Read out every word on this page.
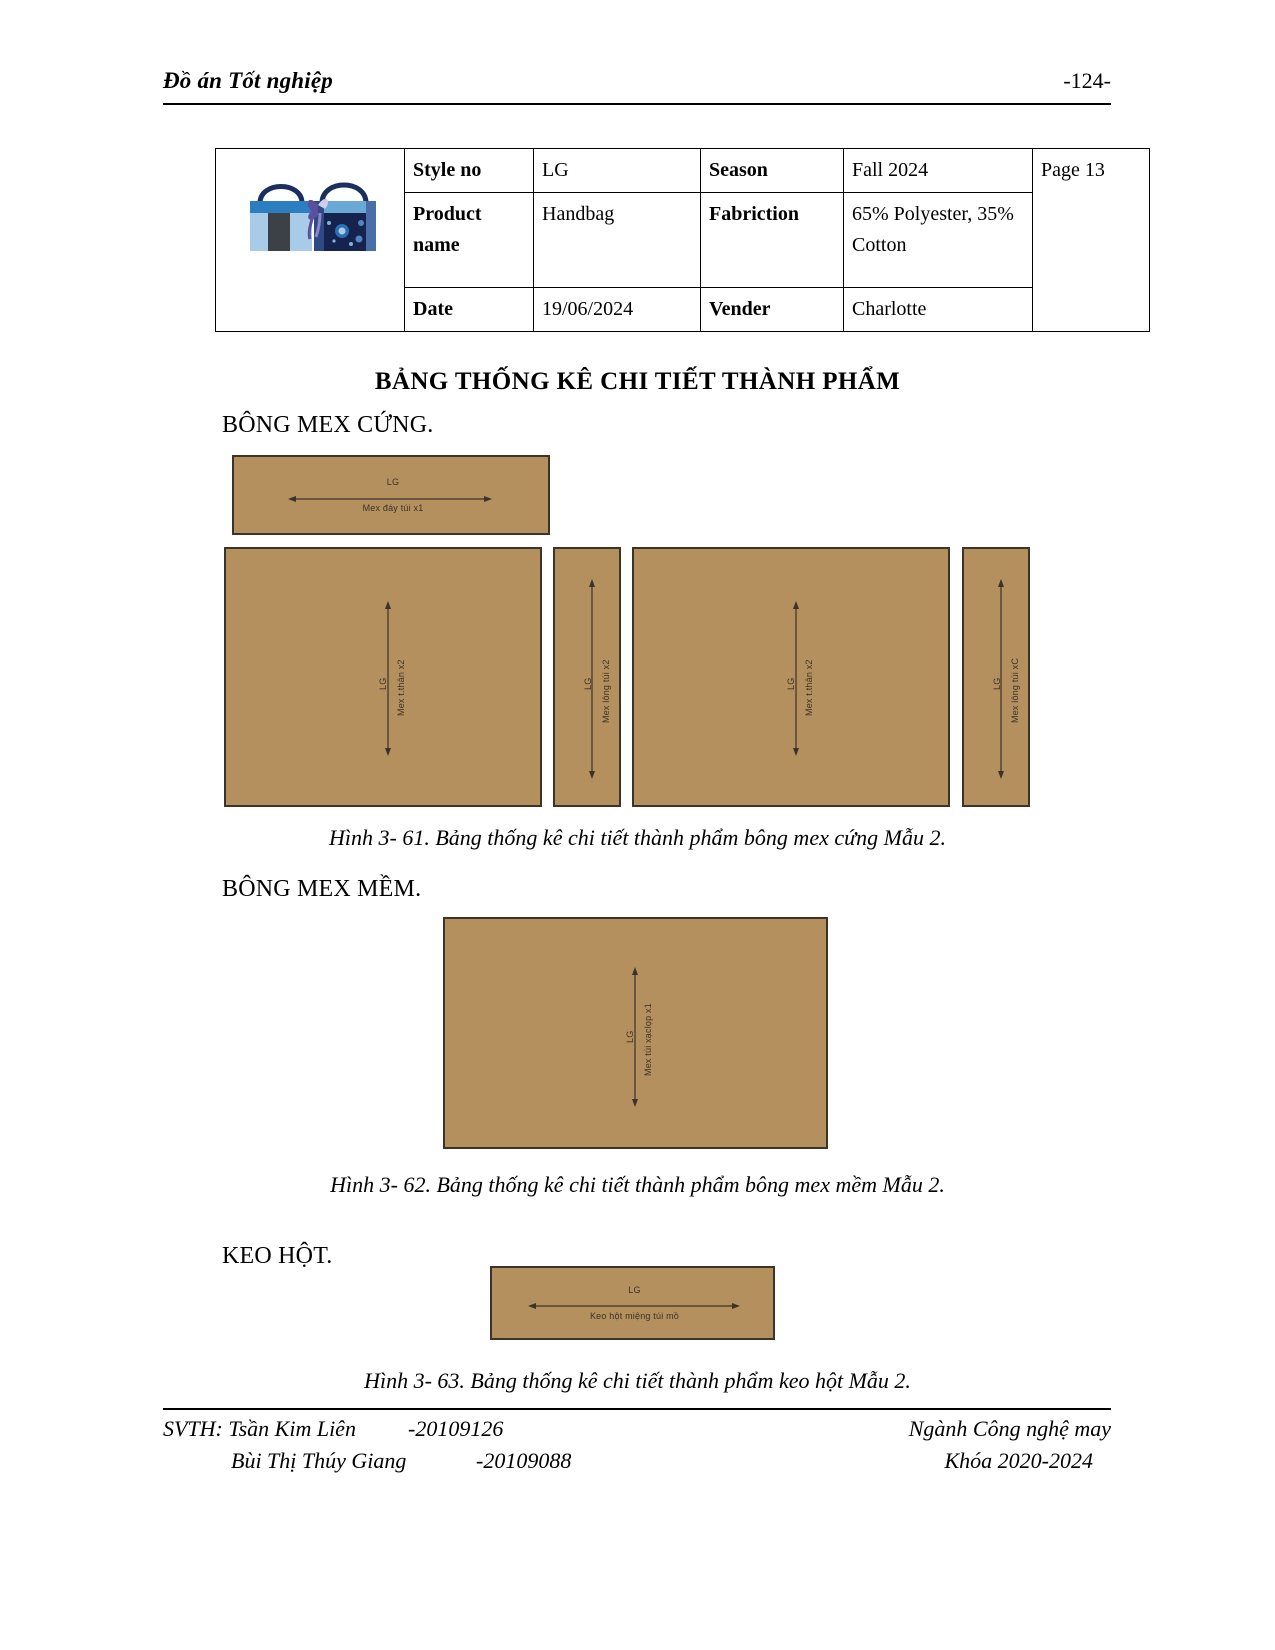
Đồ án Tốt nghiệp	-124-
	Style no	LG	Season	Fall 2024	Page 13
	Product name	Handbag	Fabriction	65% Polyester, 35% Cotton	
	Date	19/06/2024	Vender	Charlotte	
BẢNG THỐNG KÊ CHI TIẾT THÀNH PHẨM
BÔNG MEX CỨNG.
LG
Mex đáy túi x1
LG Mex t.thân x2	LG Mex lông túi x2	LG Mex t.thân x2	LG Mex lông túi xC
Hình 3- 61. Bảng thống kê chi tiết thành phẩm bông mex cứng Mẫu 2.
BÔNG MEX MỀM.
LG Mex túi xạclọp x1
Hình 3- 62. Bảng thống kê chi tiết thành phẩm bông mex mềm Mẫu 2.
KEO HỘT.
LG
Keo hột miệng túi mồ
Hình 3- 63. Bảng thống kê chi tiết thành phẩm keo hột Mẫu 2.
SVTH: Tsần Kim Liên	-20109126	Ngành Công nghệ may
Bùi Thị Thúy Giang	-20109088	Khóa 2020-2024
